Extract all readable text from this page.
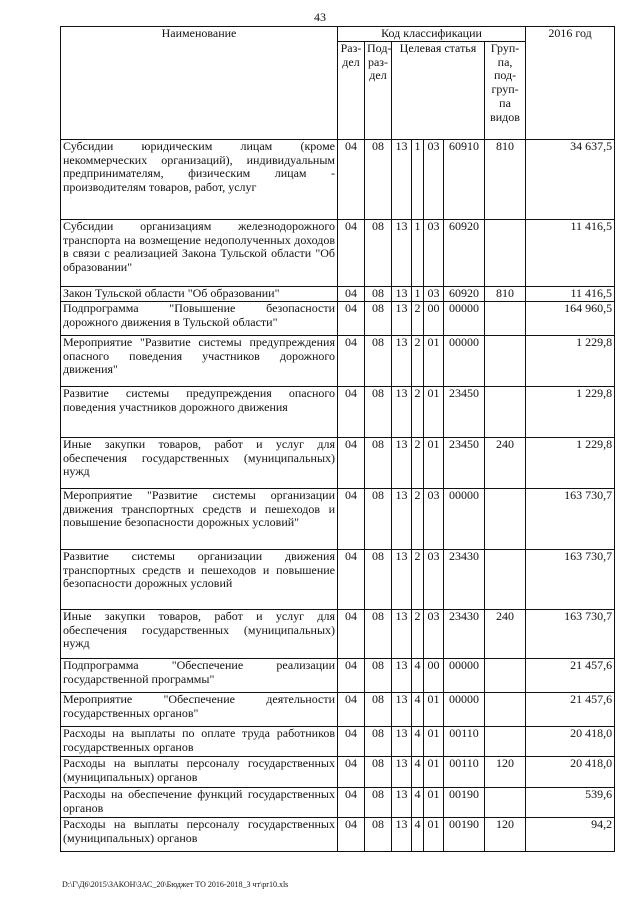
43
Наименование	Код классификации							2016 год
	Раз-дел	Под-раз-дел	Целевая статья				Груп-па, под-груп-па видов	
Субсидии юридическим лицам (кроме некоммерческих организаций), индивидуальным предпринимателям, физическим лицам - производителям товаров, работ, услуг	04	08	13	1	03	60910	810	34 637,5
Субсидии организациям железнодорожного транспорта на возмещение недополученных доходов в связи с реализацией Закона Тульской области "Об образовании"	04	08	13	1	03	60920		11 416,5
Закон Тульской области "Об образовании"	04	08	13	1	03	60920	810	11 416,5
Подпрограмма "Повышение безопасности дорожного движения в Тульской области"	04	08	13	2	00	00000		164 960,5
Мероприятие "Развитие системы предупреждения опасного поведения участников дорожного движения"	04	08	13	2	01	00000		1 229,8
Развитие системы предупреждения опасного поведения участников дорожного движения	04	08	13	2	01	23450		1 229,8
Иные закупки товаров, работ и услуг для обеспечения государственных (муниципальных) нужд	04	08	13	2	01	23450	240	1 229,8
Мероприятие "Развитие системы организации движения транспортных средств и пешеходов и повышение безопасности дорожных условий"	04	08	13	2	03	00000		163 730,7
Развитие системы организации движения транспортных средств и пешеходов и повышение безопасности дорожных условий	04	08	13	2	03	23430		163 730,7
Иные закупки товаров, работ и услуг для обеспечения государственных (муниципальных) нужд	04	08	13	2	03	23430	240	163 730,7
Подпрограмма "Обеспечение реализации государственной программы"	04	08	13	4	00	00000		21 457,6
Мероприятие "Обеспечение деятельности государственных органов"	04	08	13	4	01	00000		21 457,6
Расходы на выплаты по оплате труда работников государственных органов	04	08	13	4	01	00110		20 418,0
Расходы на выплаты персоналу государственных (муниципальных) органов	04	08	13	4	01	00110	120	20 418,0
Расходы на обеспечение функций государственных органов	04	08	13	4	01	00190		539,6
Расходы на выплаты персоналу государственных (муниципальных) органов	04	08	13	4	01	00190	120	94,2
D:\Г\Д6\2015\ЗАКОН\ЗАС_20\Бюджет ТО 2016-2018_3 чт\pr10.xls
